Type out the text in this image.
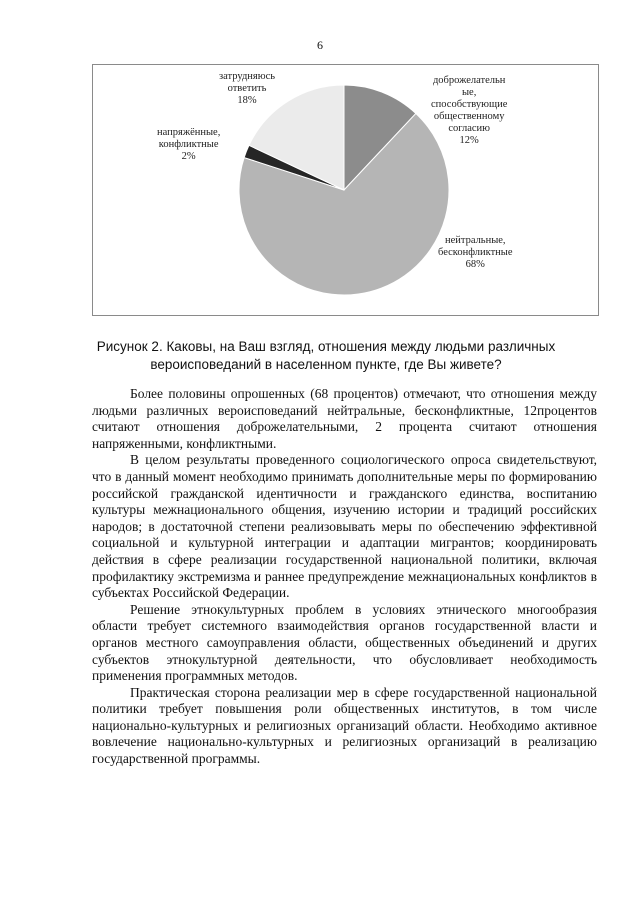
6
доброжелательн
ые,
способствующие
общественному
согласию
12%
нейтральные,
бесконфликтные
68%
напряжённые,
конфликтные
2%
затрудняюсь
ответить
18%
Рисунок 2. Каковы, на Ваш взгляд, отношения между людьми различных
вероисповеданий в населенном пункте, где Вы живете?

Более половины опрошенных (68 процентов) отмечают, что отношения между людьми различных вероисповеданий нейтральные, бесконфликтные, 12процентов считают отношения доброжелательными, 2 процента считают отношения напряженными, конфликтными.

В целом результаты проведенного социологического опроса свидетельствуют, что в данный момент необходимо принимать дополнительные меры по формированию российской гражданской идентичности и гражданского единства, воспитанию культуры межнационального общения, изучению истории и традиций российских народов; в достаточной степени реализовывать меры по обеспечению эффективной социальной и культурной интеграции и адаптации мигрантов; координировать действия в сфере реализации государственной национальной политики, включая профилактику экстремизма и раннее предупреждение межнациональных конфликтов в субъектах Российской Федерации.

Решение этнокультурных проблем в условиях этнического многообразия области требует системного взаимодействия органов государственной власти и органов местного самоуправления области, общественных объединений и других субъектов этнокультурной деятельности, что обусловливает необходимость применения программных методов.

Практическая сторона реализации мер в сфере государственной национальной политики требует повышения роли общественных институтов, в том числе национально-культурных и религиозных организаций области. Необходимо активное вовлечение национально-культурных и религиозных организаций в реализацию государственной программы.
